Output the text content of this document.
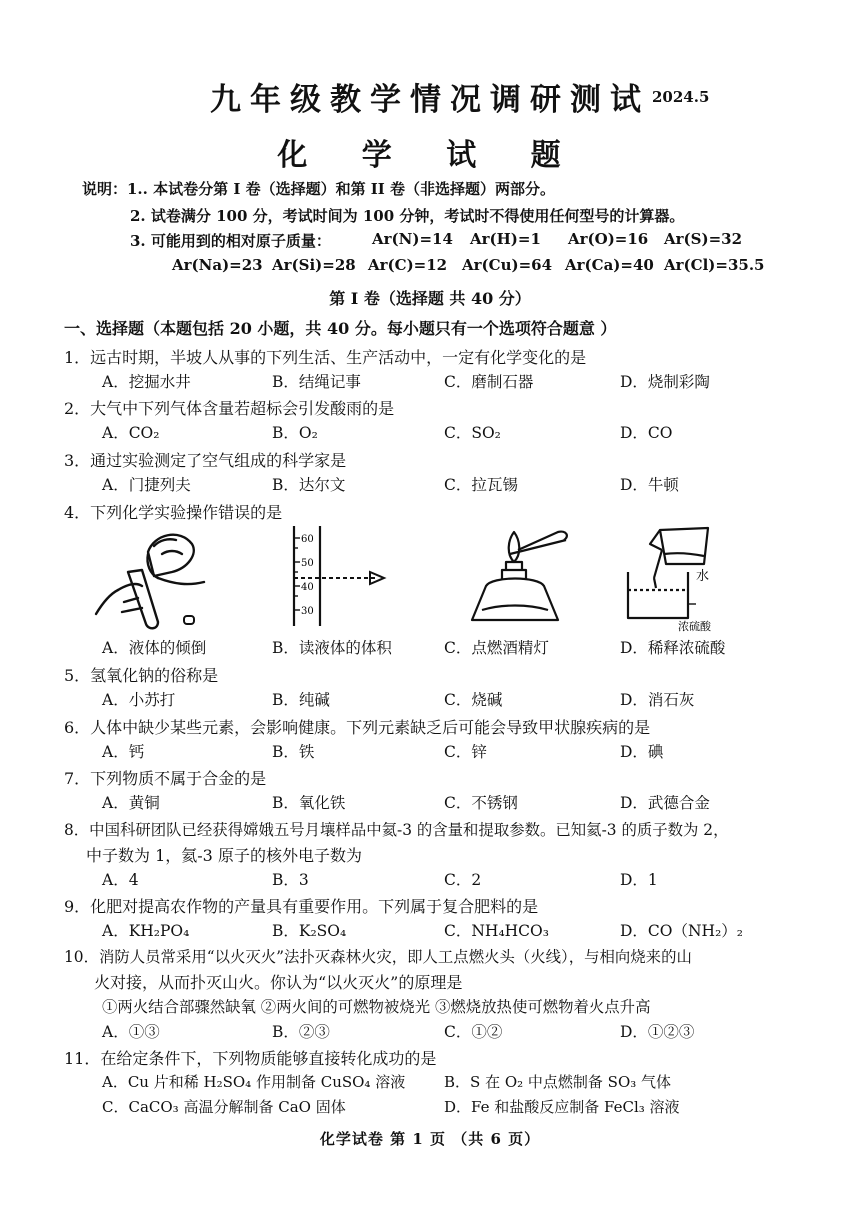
九年级教学情况调研测试 2024.5
化 学 试 题
说明：1.. 本试卷分第 I 卷（选择题）和第 II 卷（非选择题）两部分。
2. 试卷满分 100 分，考试时间为 100 分钟，考试时不得使用任何型号的计算器。
3. 可能用到的相对原子质量：	Ar(N)=14 Ar(H)=1 Ar(O)=16 Ar(S)=32
Ar(Na)=23 Ar(Si)=28 Ar(C)=12 Ar(Cu)=64 Ar(Ca)=40 Ar(Cl)=35.5
第 I 卷（选择题 共 40 分）
一、选择题（本题包括 20 小题，共 40 分。每小题只有一个选项符合题意 ）
1．远古时期，半坡人从事的下列生活、生产活动中，一定有化学变化的是
A．挖掘水井	B．结绳记事	C．磨制石器	D．烧制彩陶
2．大气中下列气体含量若超标会引发酸雨的是
A．CO₂	B．O₂	C．SO₂	D．CO
3．通过实验测定了空气组成的科学家是
A．门捷列夫	B．达尔文	C．拉瓦锡	D．牛顿
4．下列化学实验操作错误的是
60
50
40
30
水
浓硫酸
A．液体的倾倒	B．读液体的体积	C．点燃酒精灯	D．稀释浓硫酸
5．氢氧化钠的俗称是
A．小苏打	B．纯碱	C．烧碱	D．消石灰
6．人体中缺少某些元素，会影响健康。下列元素缺乏后可能会导致甲状腺疾病的是
A．钙	B．铁	C．锌	D．碘
7．下列物质不属于合金的是
A．黄铜	B．氧化铁	C．不锈钢	D．武德合金
8．中国科研团队已经获得嫦娥五号月壤样品中氦-3 的含量和提取参数。已知氦-3 的质子数为 2，
中子数为 1，氦-3 原子的核外电子数为
A．4	B．3	C．2	D．1
9．化肥对提高农作物的产量具有重要作用。下列属于复合肥料的是
A．KH₂PO₄	B．K₂SO₄	C．NH₄HCO₃	D．CO（NH₂）₂
10．消防人员常采用“以火灭火”法扑灭森林火灾，即人工点燃火头（火线），与相向烧来的山
火对接，从而扑灭山火。你认为“以火灭火”的原理是
①两火结合部骤然缺氧 ②两火间的可燃物被烧光 ③燃烧放热使可燃物着火点升高
A．①③	B．②③	C．①②	D．①②③
11．在给定条件下，下列物质能够直接转化成功的是
A．Cu 片和稀 H₂SO₄ 作用制备 CuSO₄ 溶液	B．S 在 O₂ 中点燃制备 SO₃ 气体
C．CaCO₃ 高温分解制备 CaO 固体	D．Fe 和盐酸反应制备 FeCl₃ 溶液
化学试卷 第 1 页 （共 6 页）
